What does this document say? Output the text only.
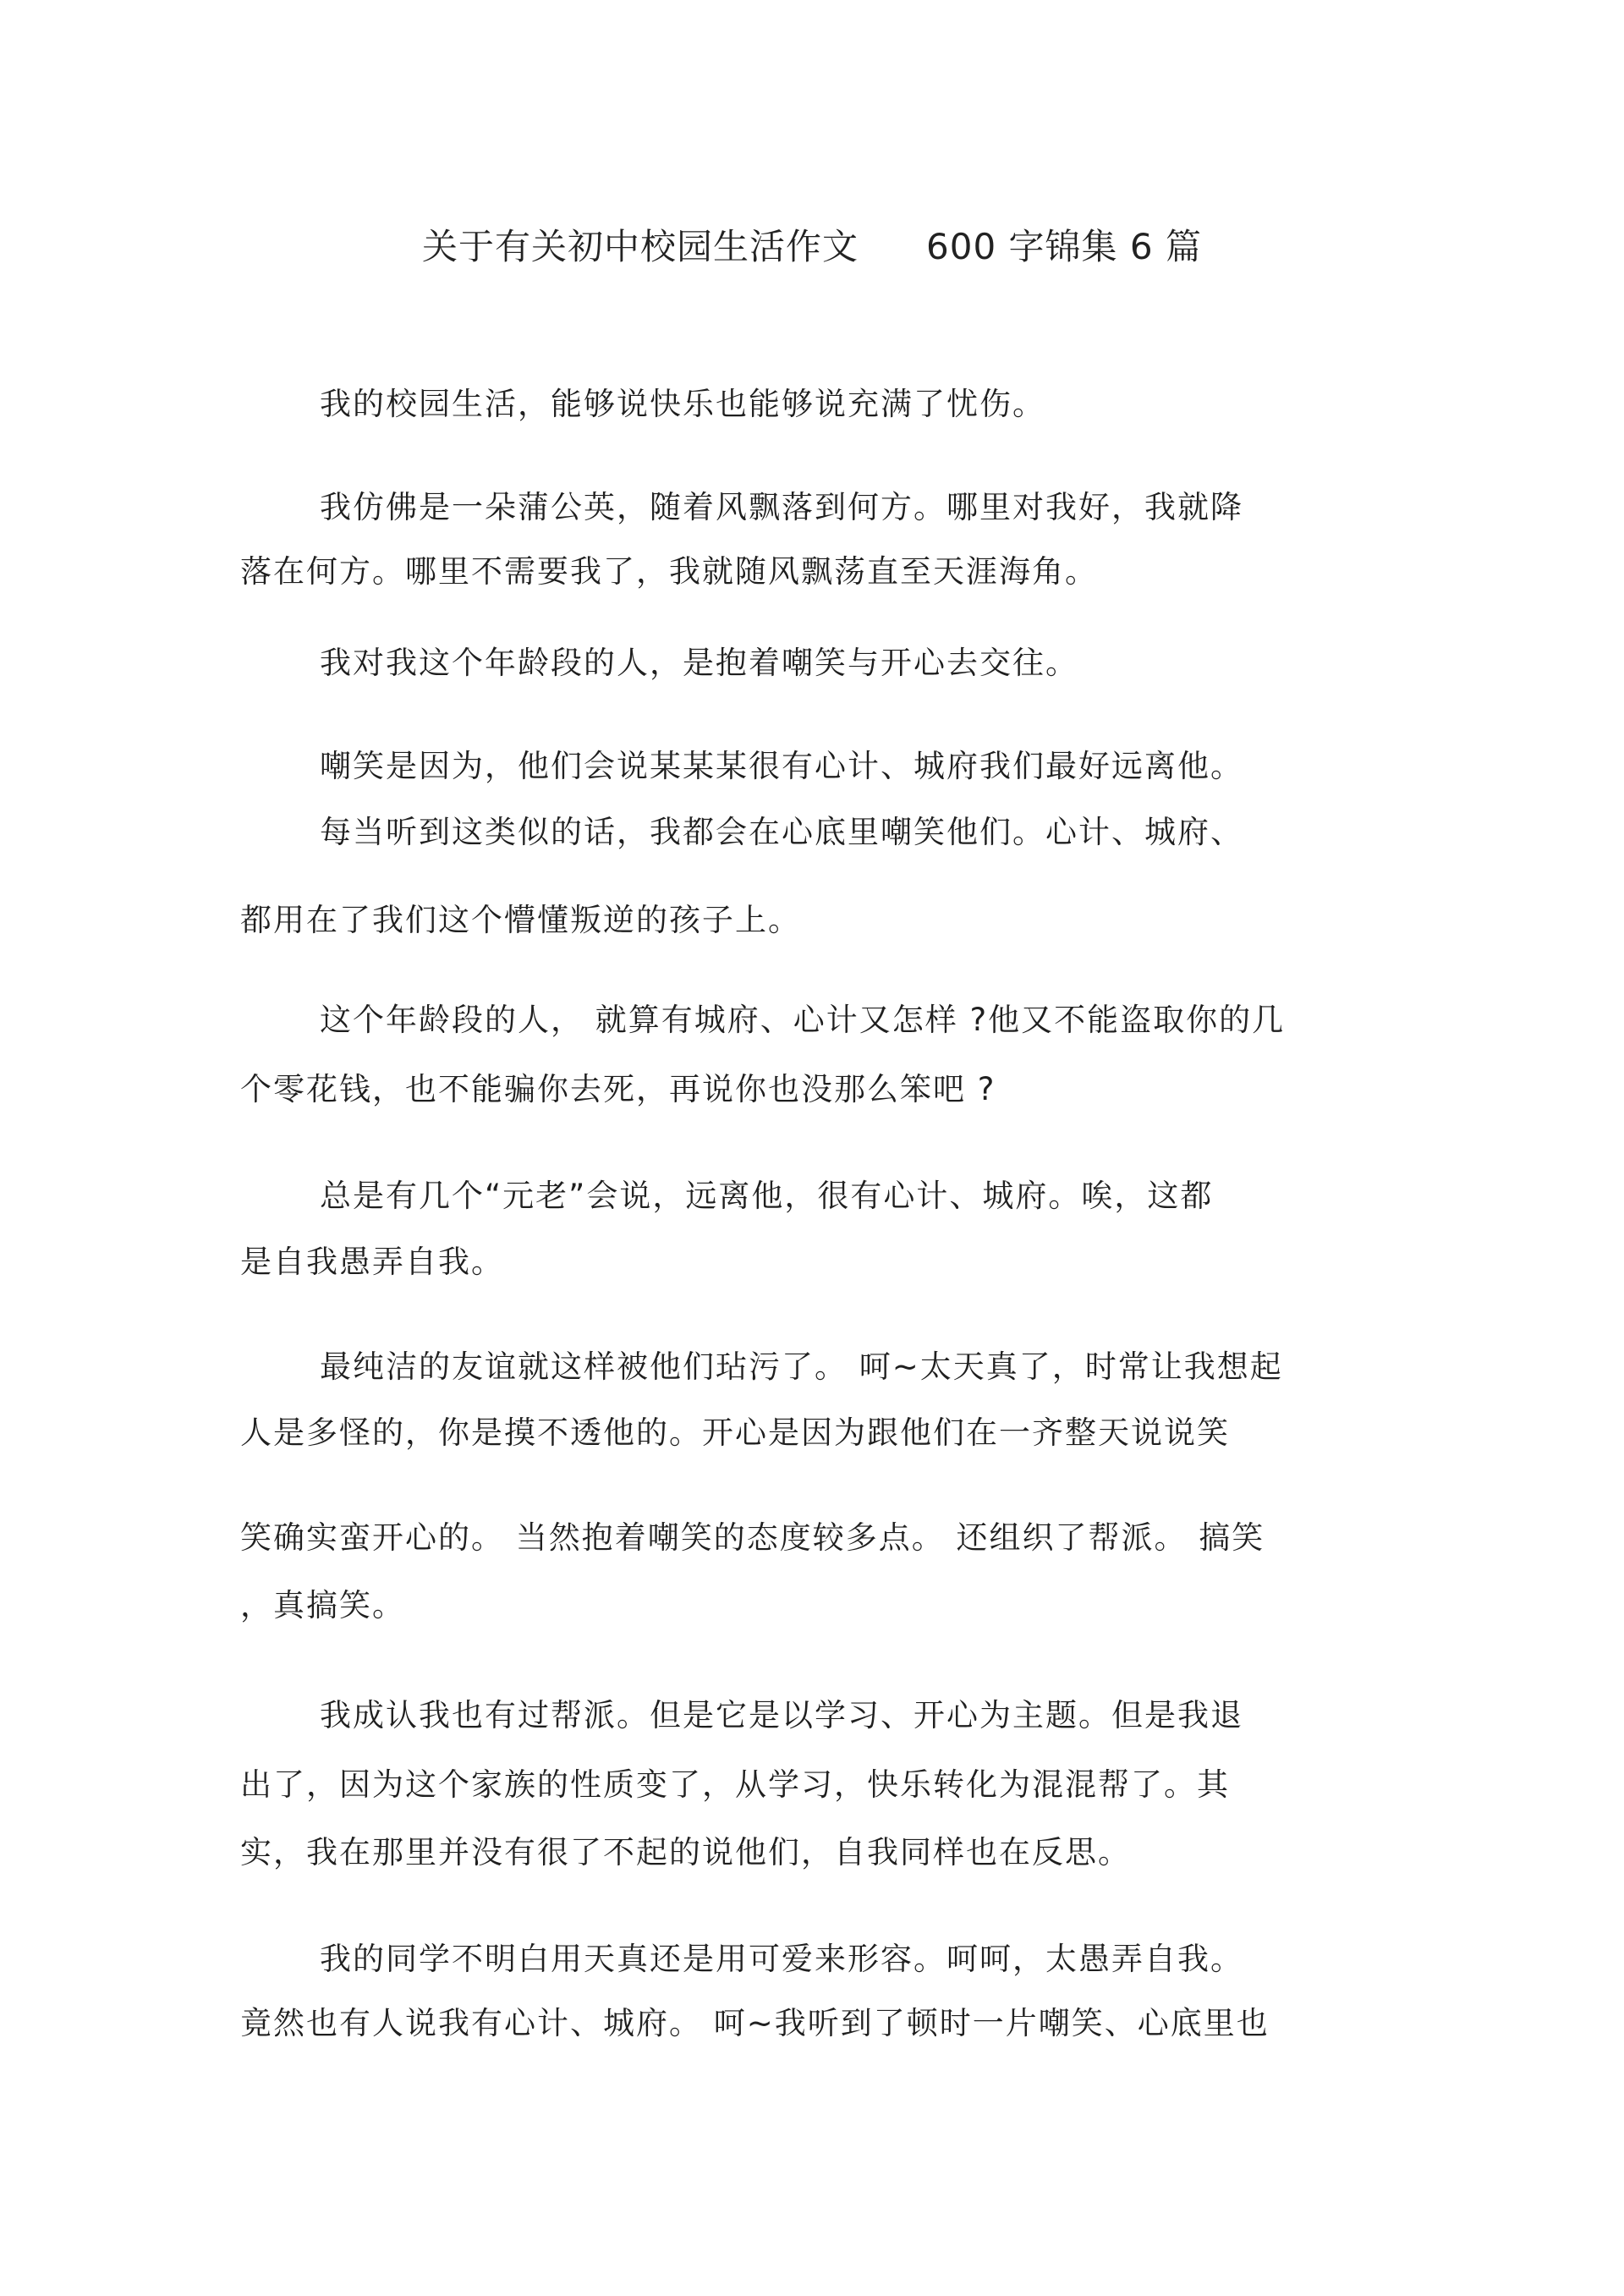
关于有关初中校园生活作文 600 字锦集 6 篇
我的校园生活，能够说快乐也能够说充满了忧伤。
我仿佛是一朵蒲公英，随着风飘落到何方。哪里对我好，我就降
落在何方。哪里不需要我了，我就随风飘荡直至天涯海角。
我对我这个年龄段的人，是抱着嘲笑与开心去交往。
嘲笑是因为，他们会说某某某很有心计、城府我们最好远离他。
每当听到这类似的话，我都会在心底里嘲笑他们。心计、城府、
都用在了我们这个懵懂叛逆的孩子上。
这个年龄段的人， 就算有城府、心计又怎样 ?他又不能盗取你的几
个零花钱，也不能骗你去死，再说你也没那么笨吧 ?
总是有几个“元老”会说，远离他，很有心计、城府。唉，这都
是自我愚弄自我。
最纯洁的友谊就这样被他们玷污了。 呵~太天真了，时常让我想起
人是多怪的，你是摸不透他的。开心是因为跟他们在一齐整天说说笑
笑确实蛮开心的。 当然抱着嘲笑的态度较多点。 还组织了帮派。 搞笑
，真搞笑。
我成认我也有过帮派。但是它是以学习、开心为主题。但是我退
出了，因为这个家族的性质变了，从学习，快乐转化为混混帮了。其
实，我在那里并没有很了不起的说他们，自我同样也在反思。
我的同学不明白用天真还是用可爱来形容。呵呵，太愚弄自我。
竟然也有人说我有心计、城府。 呵~我听到了顿时一片嘲笑、心底里也
